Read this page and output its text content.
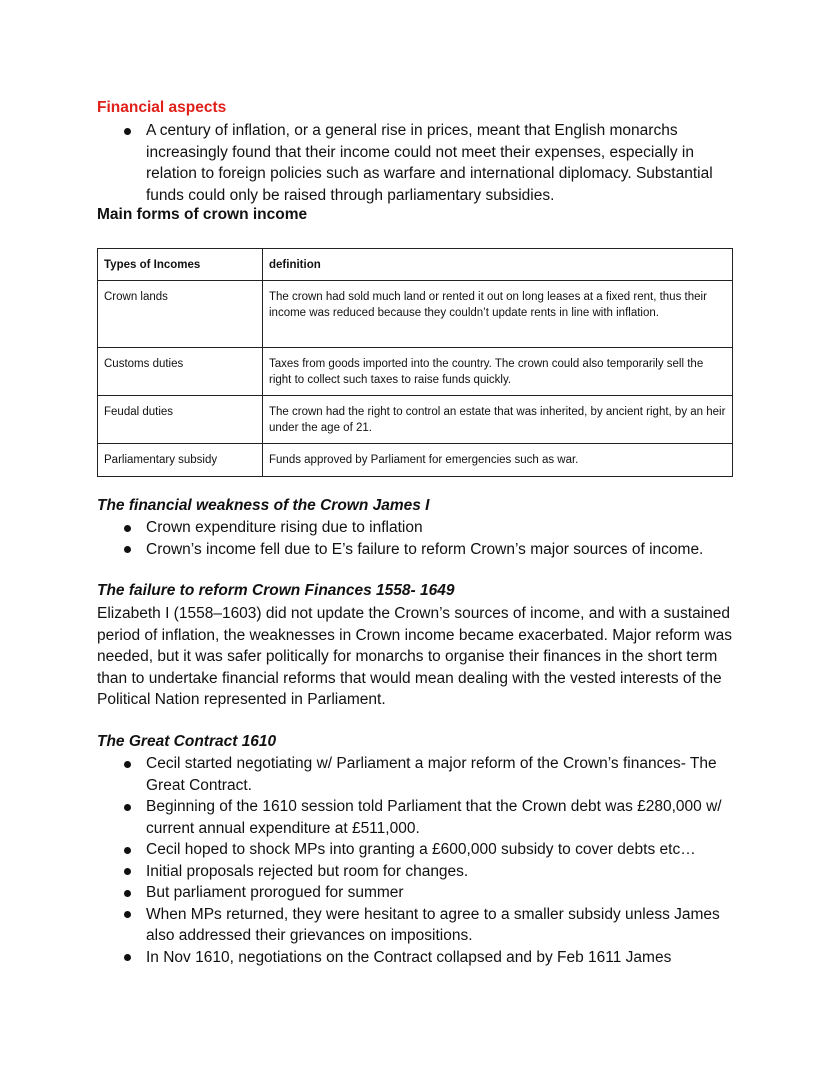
Financial aspects
A century of inflation, or a general rise in prices, meant that English monarchs increasingly found that their income could not meet their expenses, especially in relation to foreign policies such as warfare and international diplomacy. Substantial funds could only be raised through parliamentary subsidies.
Main forms of crown income
Types of Incomes	definition
Crown lands	The crown had sold much land or rented it out on long leases at a fixed rent, thus their income was reduced because they couldn’t update rents in line with inflation.
Customs duties	Taxes from goods imported into the country. The crown could also temporarily sell the right to collect such taxes to raise funds quickly.
Feudal duties	The crown had the right to control an estate that was inherited, by ancient right, by an heir under the age of 21.
Parliamentary subsidy	Funds approved by Parliament for emergencies such as war.
The financial weakness of the Crown James I
Crown expenditure rising due to inflation
Crown’s income fell due to E’s failure to reform Crown’s major sources of income.
The failure to reform Crown Finances 1558- 1649

Elizabeth I (1558–1603) did not update the Crown’s sources of income, and with a sustained period of inflation, the weaknesses in Crown income became exacerbated. Major reform was needed, but it was safer politically for monarchs to organise their finances in the short term than to undertake financial reforms that would mean dealing with the vested interests of the Political Nation represented in Parliament.

The Great Contract 1610
Cecil started negotiating w/ Parliament a major reform of the Crown’s finances- The Great Contract.
Beginning of the 1610 session told Parliament that the Crown debt was £280,000 w/ current annual expenditure at £511,000.
Cecil hoped to shock MPs into granting a £600,000 subsidy to cover debts etc…
Initial proposals rejected but room for changes.
But parliament prorogued for summer
When MPs returned, they were hesitant to agree to a smaller subsidy unless James also addressed their grievances on impositions.
In Nov 1610, negotiations on the Contract collapsed and by Feb 1611 James
